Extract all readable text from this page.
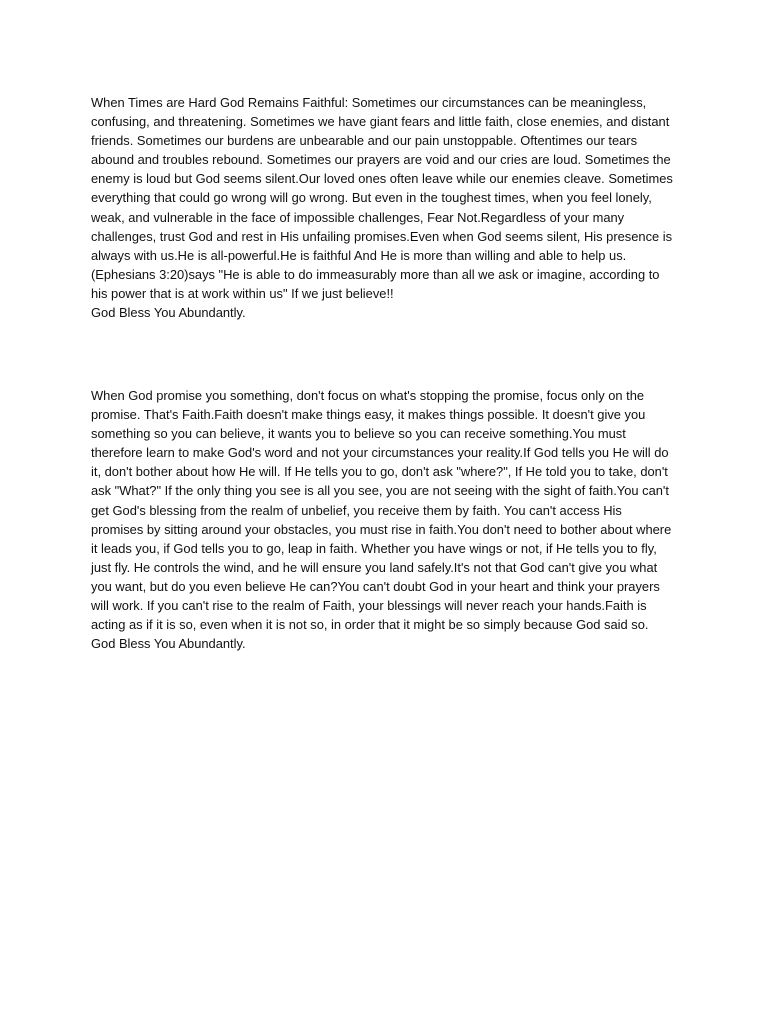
When Times are Hard God Remains Faithful: Sometimes our circumstances can be meaningless, confusing, and threatening. Sometimes we have giant fears and little faith, close enemies, and distant friends. Sometimes our burdens are unbearable and our pain unstoppable. Oftentimes our tears abound and troubles rebound. Sometimes our prayers are void and our cries are loud. Sometimes the enemy is loud but God seems silent.Our loved ones often leave while our enemies cleave. Sometimes everything that could go wrong will go wrong. But even in the toughest times, when you feel lonely, weak, and vulnerable in the face of impossible challenges, Fear Not.Regardless of your many challenges, trust God and rest in His unfailing promises.Even when God seems silent, His presence is always with us.He is all-powerful.He is faithful And He is more than willing and able to help us. (Ephesians 3:20)says "He is able to do immeasurably more than all we ask or imagine, according to his power that is at work within us" If we just believe!!

God Bless You Abundantly.

When God promise you something, don't focus on what's stopping the promise, focus only on the promise. That's Faith.Faith doesn't make things easy, it makes things possible. It doesn't give you something so you can believe, it wants you to believe so you can receive something.You must therefore learn to make God's word and not your circumstances your reality.If God tells you He will do it, don't bother about how He will. If He tells you to go, don't ask "where?", If He told you to take, don't ask "What?" If the only thing you see is all you see, you are not seeing with the sight of faith.You can't get God's blessing from the realm of unbelief, you receive them by faith. You can't access His promises by sitting around your obstacles, you must rise in faith.You don't need to bother about where it leads you, if God tells you to go, leap in faith. Whether you have wings or not, if He tells you to fly, just fly. He controls the wind, and he will ensure you land safely.It's not that God can't give you what you want, but do you even believe He can?You can't doubt God in your heart and think your prayers will work. If you can't rise to the realm of Faith, your blessings will never reach your hands.Faith is acting as if it is so, even when it is not so, in order that it might be so simply because God said so.

God Bless You Abundantly.
